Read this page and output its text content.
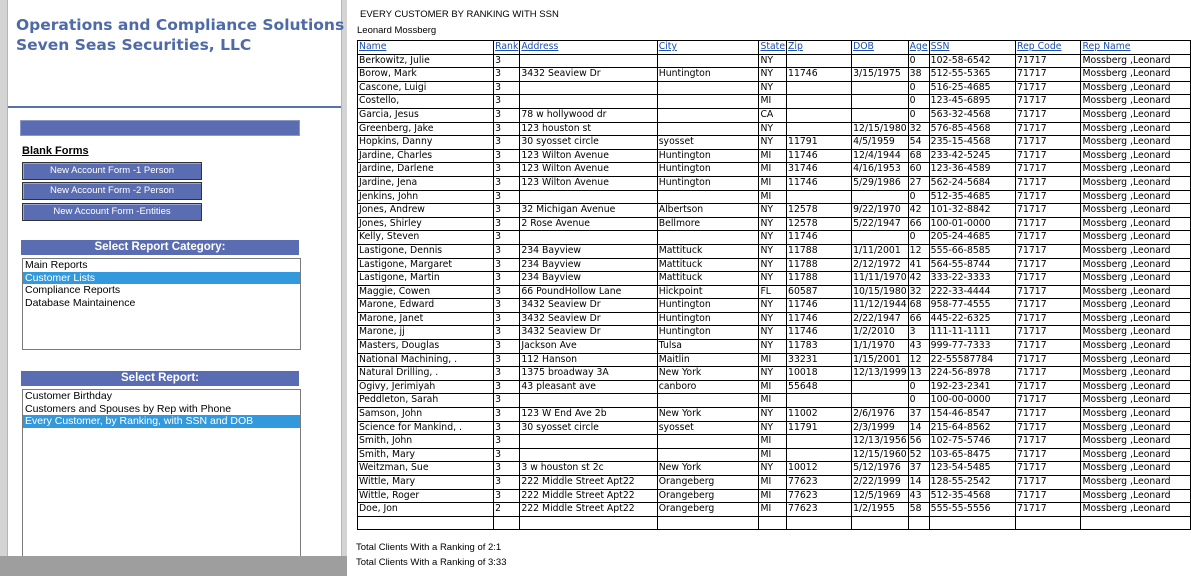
Operations and Compliance Solutions
Seven Seas Securities, LLC
Blank Forms
New Account Form -1 Person
New Account Form -2 Person
New Account Form -Entities
Select Report Category:
Main Reports
Customer Lists
Compliance Reports
Database Maintainence
Select Report:
Customer Birthday
Customers and Spouses by Rep with Phone
Every Customer, by Ranking, with SSN and DOB
EVERY CUSTOMER BY RANKING WITH SSN
Leonard Mossberg
Name	Rank	Address	City	State	Zip	DOB	Age	SSN	Rep Code	Rep Name
Berkowitz, Julie	3			NY			0	102-58-6542	71717	Mossberg ,Leonard
Borow, Mark	3	3432 Seaview Dr	Huntington	NY	11746	3/15/1975	38	512-55-5365	71717	Mossberg ,Leonard
Cascone, Luigi	3			NY			0	516-25-4685	71717	Mossberg ,Leonard
Costello,	3			MI			0	123-45-6895	71717	Mossberg ,Leonard
Garcia, Jesus	3	78 w hollywood dr		CA			0	563-32-4568	71717	Mossberg ,Leonard
Greenberg, Jake	3	123 houston st		NY		12/15/1980	32	576-85-4568	71717	Mossberg ,Leonard
Hopkins, Danny	3	30 syosset circle	syosset	NY	11791	4/5/1959	54	235-15-4568	71717	Mossberg ,Leonard
Jardine, Charles	3	123 Wilton Avenue	Huntington	MI	11746	12/4/1944	68	233-42-5245	71717	Mossberg ,Leonard
Jardine, Darlene	3	123 Wilton Avenue	Huntington	MI	31746	4/16/1953	60	123-36-4589	71717	Mossberg ,Leonard
Jardine, Jena	3	123 Wilton Avenue	Huntington	MI	11746	5/29/1986	27	562-24-5684	71717	Mossberg ,Leonard
Jenkins, John	3			MI			0	512-35-4685	71717	Mossberg ,Leonard
Jones, Andrew	3	32 Michigan Avenue	Albertson	NY	12578	9/22/1970	42	101-32-8842	71717	Mossberg ,Leonard
Jones, Shirley	3	2 Rose Avenue	Bellmore	NY	12578	5/22/1947	66	100-01-0000	71717	Mossberg ,Leonard
Kelly, Steven	3			NY	11746		0	205-24-4685	71717	Mossberg ,Leonard
Lastigone, Dennis	3	234 Bayview	Mattituck	NY	11788	1/11/2001	12	555-66-8585	71717	Mossberg ,Leonard
Lastigone, Margaret	3	234 Bayview	Mattituck	NY	11788	2/12/1972	41	564-55-8744	71717	Mossberg ,Leonard
Lastigone, Martin	3	234 Bayview	Mattituck	NY	11788	11/11/1970	42	333-22-3333	71717	Mossberg ,Leonard
Maggie, Cowen	3	66 PoundHollow Lane	Hickpoint	FL	60587	10/15/1980	32	222-33-4444	71717	Mossberg ,Leonard
Marone, Edward	3	3432 Seaview Dr	Huntington	NY	11746	11/12/1944	68	958-77-4555	71717	Mossberg ,Leonard
Marone, Janet	3	3432 Seaview Dr	Huntington	NY	11746	2/22/1947	66	445-22-6325	71717	Mossberg ,Leonard
Marone, jj	3	3432 Seaview Dr	Huntington	NY	11746	1/2/2010	3	111-11-1111	71717	Mossberg ,Leonard
Masters, Douglas	3	Jackson Ave	Tulsa	NY	11783	1/1/1970	43	999-77-7333	71717	Mossberg ,Leonard
National Machining, .	3	112 Hanson	Maitlin	MI	33231	1/15/2001	12	22-55587784	71717	Mossberg ,Leonard
Natural Drilling, .	3	1375 broadway 3A	New York	NY	10018	12/13/1999	13	224-56-8978	71717	Mossberg ,Leonard
Ogivy, Jerimiyah	3	43 pleasant ave	canboro	MI	55648		0	192-23-2341	71717	Mossberg ,Leonard
Peddleton, Sarah	3			MI			0	100-00-0000	71717	Mossberg ,Leonard
Samson, John	3	123 W End Ave 2b	New York	NY	11002	2/6/1976	37	154-46-8547	71717	Mossberg ,Leonard
Science for Mankind, .	3	30 syosset circle	syosset	NY	11791	2/3/1999	14	215-64-8562	71717	Mossberg ,Leonard
Smith, John	3			MI		12/13/1956	56	102-75-5746	71717	Mossberg ,Leonard
Smith, Mary	3			MI		12/15/1960	52	103-65-8475	71717	Mossberg ,Leonard
Weitzman, Sue	3	3 w houston st 2c	New York	NY	10012	5/12/1976	37	123-54-5485	71717	Mossberg ,Leonard
Wittle, Mary	3	222 Middle Street Apt22	Orangeberg	MI	77623	2/22/1999	14	128-55-2542	71717	Mossberg ,Leonard
Wittle, Roger	3	222 Middle Street Apt22	Orangeberg	MI	77623	12/5/1969	43	512-35-4568	71717	Mossberg ,Leonard
Doe, Jon	2	222 Middle Street Apt22	Orangeberg	MI	77623	1/2/1955	58	555-55-5556	71717	Mossberg ,Leonard

Total Clients With a Ranking of 2:1
Total Clients With a Ranking of 3:33
